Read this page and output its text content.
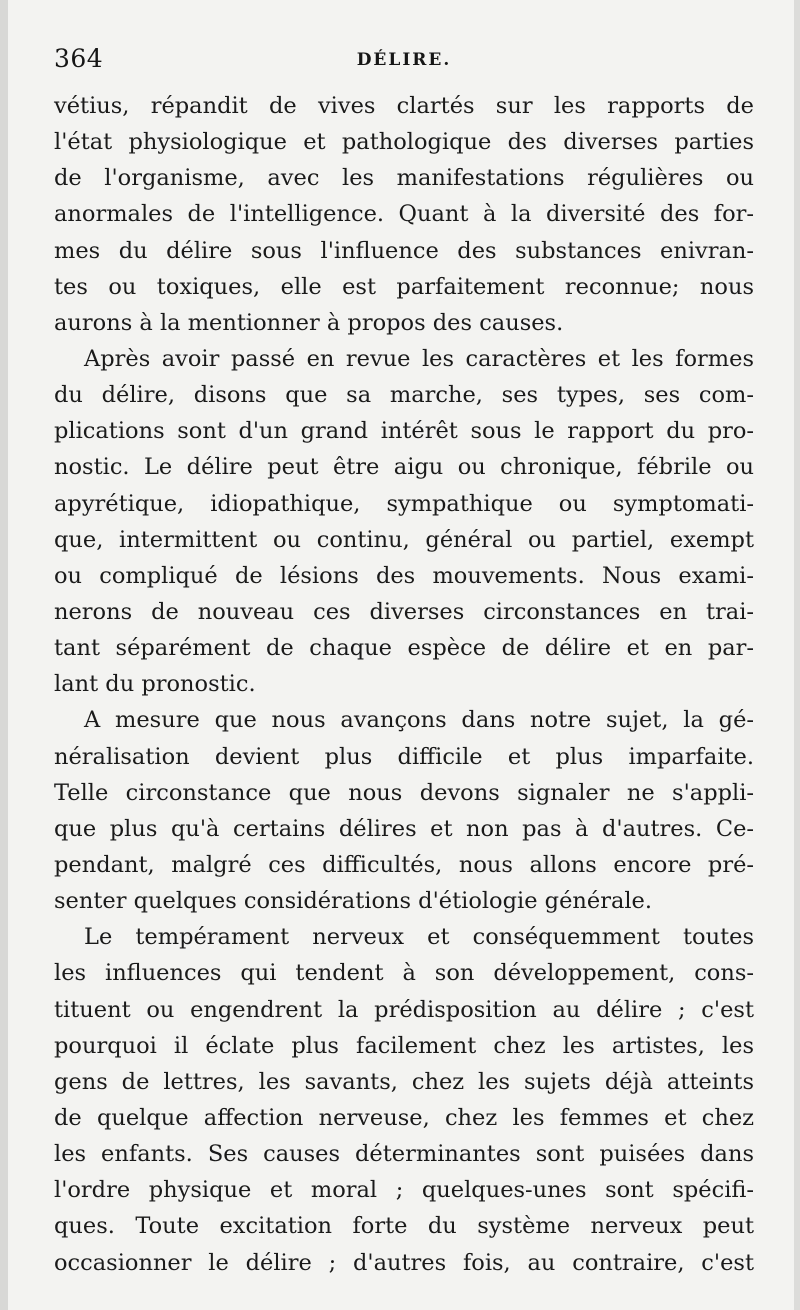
364	DÉLIRE.
vétius, répandit de vives clartés sur les rapports de
l'état physiologique et pathologique des diverses parties
de l'organisme, avec les manifestations régulières ou
anormales de l'intelligence. Quant à la diversité des for-
mes du délire sous l'influence des substances enivran-
tes ou toxiques, elle est parfaitement reconnue; nous
aurons à la mentionner à propos des causes.
Après avoir passé en revue les caractères et les formes
du délire, disons que sa marche, ses types, ses com-
plications sont d'un grand intérêt sous le rapport du pro-
nostic. Le délire peut être aigu ou chronique, fébrile ou
apyrétique, idiopathique, sympathique ou symptomati-
que, intermittent ou continu, général ou partiel, exempt
ou compliqué de lésions des mouvements. Nous exami-
nerons de nouveau ces diverses circonstances en trai-
tant séparément de chaque espèce de délire et en par-
lant du pronostic.
A mesure que nous avançons dans notre sujet, la gé-
néralisation devient plus difficile et plus imparfaite.
Telle circonstance que nous devons signaler ne s'appli-
que plus qu'à certains délires et non pas à d'autres. Ce-
pendant, malgré ces difficultés, nous allons encore pré-
senter quelques considérations d'étiologie générale.
Le tempérament nerveux et conséquemment toutes
les influences qui tendent à son développement, cons-
tituent ou engendrent la prédisposition au délire ; c'est
pourquoi il éclate plus facilement chez les artistes, les
gens de lettres, les savants, chez les sujets déjà atteints
de quelque affection nerveuse, chez les femmes et chez
les enfants. Ses causes déterminantes sont puisées dans
l'ordre physique et moral ; quelques-unes sont spécifi-
ques. Toute excitation forte du système nerveux peut
occasionner le délire ; d'autres fois, au contraire, c'est
